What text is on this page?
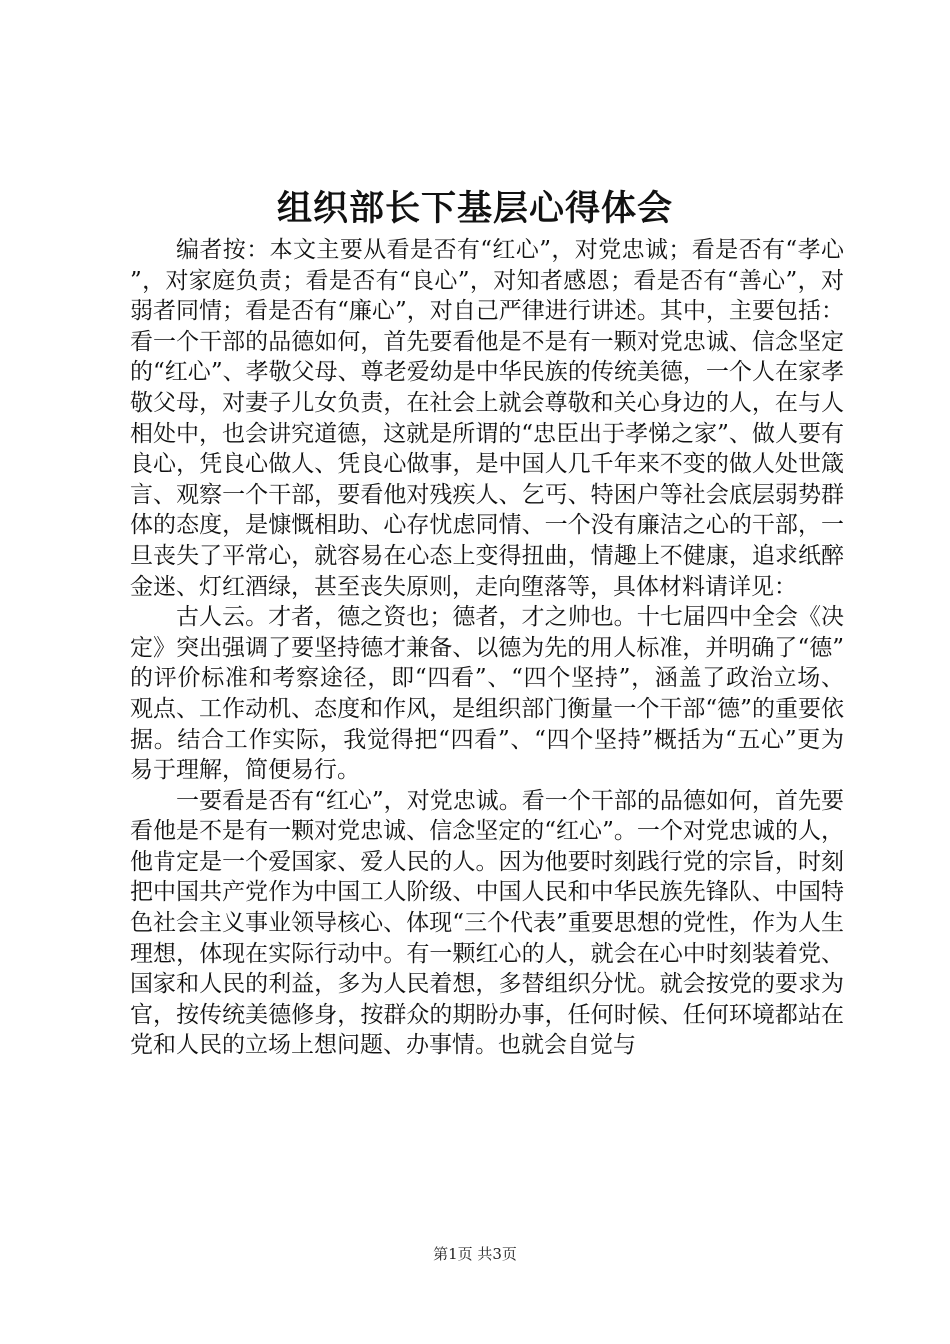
组织部长下基层心得体会

编者按：本文主要从看是否有“红心”，对党忠诚；看是否有“孝心”，对家庭负责；看是否有“良心”，对知者感恩；看是否有“善心”，对弱者同情；看是否有“廉心”，对自己严律进行讲述。其中，主要包括：看一个干部的品德如何，首先要看他是不是有一颗对党忠诚、信念坚定的“红心”、孝敬父母、尊老爱幼是中华民族的传统美德，一个人在家孝敬父母，对妻子儿女负责，在社会上就会尊敬和关心身边的人，在与人相处中，也会讲究道德，这就是所谓的“忠臣出于孝悌之家”、做人要有良心，凭良心做人、凭良心做事，是中国人几千年来不变的做人处世箴言、观察一个干部，要看他对残疾人、乞丐、特困户等社会底层弱势群体的态度，是慷慨相助、心存忧虑同情、一个没有廉洁之心的干部，一旦丧失了平常心，就容易在心态上变得扭曲，情趣上不健康，追求纸醉金迷、灯红酒绿，甚至丧失原则，走向堕落等，具体材料请详见：

古人云。才者，德之资也；德者，才之帅也。十七届四中全会《决定》突出强调了要坚持德才兼备、以德为先的用人标准，并明确了“德”的评价标准和考察途径，即“四看”、“四个坚持”，涵盖了政治立场、观点、工作动机、态度和作风，是组织部门衡量一个干部“德”的重要依据。结合工作实际，我觉得把“四看”、“四个坚持”概括为“五心”更为易于理解，简便易行。

一要看是否有“红心”，对党忠诚。看一个干部的品德如何，首先要看他是不是有一颗对党忠诚、信念坚定的“红心”。一个对党忠诚的人，他肯定是一个爱国家、爱人民的人。因为他要时刻践行党的宗旨，时刻把中国共产党作为中国工人阶级、中国人民和中华民族先锋队、中国特色社会主义事业领导核心、体现“三个代表”重要思想的党性，作为人生理想，体现在实际行动中。有一颗红心的人，就会在心中时刻装着党、国家和人民的利益，多为人民着想，多替组织分忧。就会按党的要求为官，按传统美德修身，按群众的期盼办事，任何时候、任何环境都站在党和人民的立场上想问题、办事情。也就会自觉与

第1页 共3页
